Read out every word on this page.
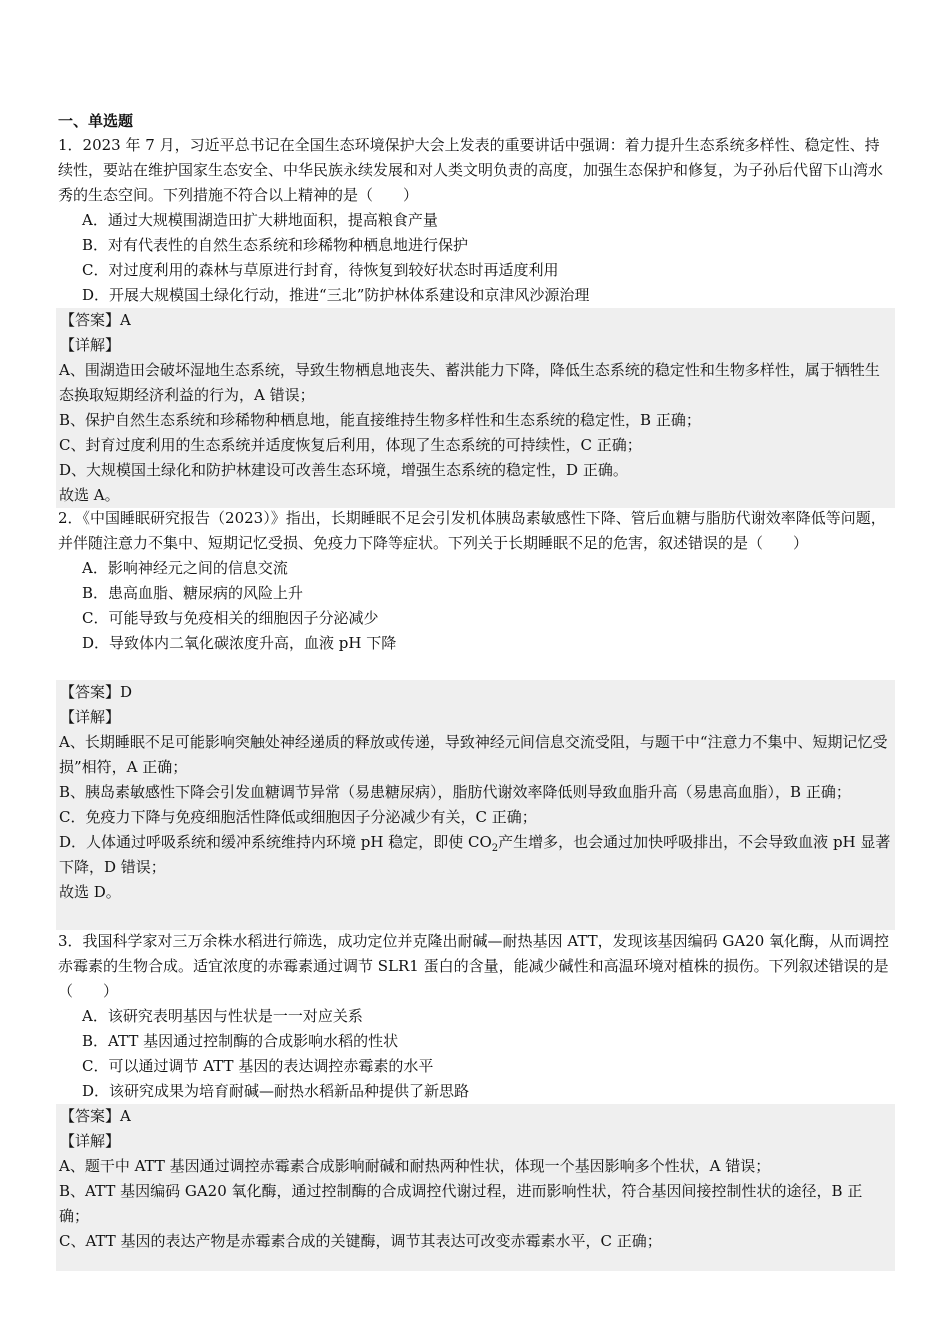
一、单选题

1．2023 年 7 月，习近平总书记在全国生态环境保护大会上发表的重要讲话中强调：着力提升生态系统多样性、稳定性、持续性，要站在维护国家生态安全、中华民族永续发展和对人类文明负责的高度，加强生态保护和修复，为子孙后代留下山湾水秀的生态空间。下列措施不符合以上精神的是（　　）

A．通过大规模围湖造田扩大耕地面积，提高粮食产量

B．对有代表性的自然生态系统和珍稀物种栖息地进行保护

C．对过度利用的森林与草原进行封育，待恢复到较好状态时再适度利用

D．开展大规模国土绿化行动，推进“三北”防护林体系建设和京津风沙源治理

【答案】A

【详解】

A、围湖造田会破坏湿地生态系统，导致生物栖息地丧失、蓄洪能力下降，降低生态系统的稳定性和生物多样性，属于牺牲生态换取短期经济利益的行为，A 错误；

B、保护自然生态系统和珍稀物种栖息地，能直接维持生物多样性和生态系统的稳定性，B 正确；

C、封育过度利用的生态系统并适度恢复后利用，体现了生态系统的可持续性，C 正确；

D、大规模国土绿化和防护林建设可改善生态环境，增强生态系统的稳定性，D 正确。

故选 A。

2．《中国睡眠研究报告（2023）》指出，长期睡眠不足会引发机体胰岛素敏感性下降、管后血糖与脂肪代谢效率降低等问题，并伴随注意力不集中、短期记忆受损、免疫力下降等症状。下列关于长期睡眠不足的危害，叙述错误的是（　　）

A．影响神经元之间的信息交流

B．患高血脂、糖尿病的风险上升

C．可能导致与免疫相关的细胞因子分泌减少

D．导致体内二氧化碳浓度升高，血液 pH 下降

【答案】D

【详解】

A、长期睡眠不足可能影响突触处神经递质的释放或传递，导致神经元间信息交流受阻，与题干中“注意力不集中、短期记忆受损”相符，A 正确；

B、胰岛素敏感性下降会引发血糖调节异常（易患糖尿病），脂肪代谢效率降低则导致血脂升高（易患高血脂），B 正确；

C．免疫力下降与免疫细胞活性降低或细胞因子分泌减少有关，C 正确；

D．人体通过呼吸系统和缓冲系统维持内环境 pH 稳定，即使 $CO_2$产生增多，也会通过加快呼吸排出，不会导致血液 pH 显著下降，D 错误；

故选 D。

3．我国科学家对三万余株水稻进行筛选，成功定位并克隆出耐碱—耐热基因 ATT，发现该基因编码 GA20 氧化酶，从而调控赤霉素的生物合成。适宜浓度的赤霉素通过调节 SLR1 蛋白的含量，能减少碱性和高温环境对植株的损伤。下列叙述错误的是（　　）

A．该研究表明基因与性状是一一对应关系

B．ATT 基因通过控制酶的合成影响水稻的性状

C．可以通过调节 ATT 基因的表达调控赤霉素的水平

D．该研究成果为培育耐碱—耐热水稻新品种提供了新思路

【答案】A

【详解】

A、题干中 ATT 基因通过调控赤霉素合成影响耐碱和耐热两种性状，体现一个基因影响多个性状，A 错误；

B、ATT 基因编码 GA20 氧化酶，通过控制酶的合成调控代谢过程，进而影响性状，符合基因间接控制性状的途径，B 正确；

C、ATT 基因的表达产物是赤霉素合成的关键酶，调节其表达可改变赤霉素水平，C 正确；
